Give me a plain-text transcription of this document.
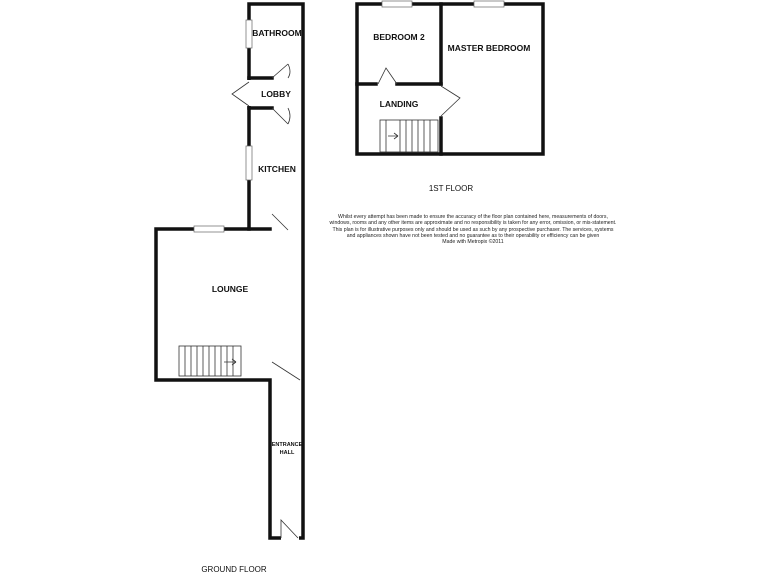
BATHROOM
LOBBY
KITCHEN
LOUNGE
ENTRANCE
HALL
GROUND FLOOR
BEDROOM 2
MASTER BEDROOM
LANDING
1ST FLOOR

Whilst every attempt has been made to ensure the accuracy of the floor plan contained here, measurements of doors, windows, rooms and any other items are approximate and no responsibility is taken for any error, omission, or mis-statement. This plan is for illustrative purposes only and should be used as such by any prospective purchaser. The services, systems and appliances shown have not been tested and no guarantee as to their operability or efficiency can be given

Made with Metropix ©2011
